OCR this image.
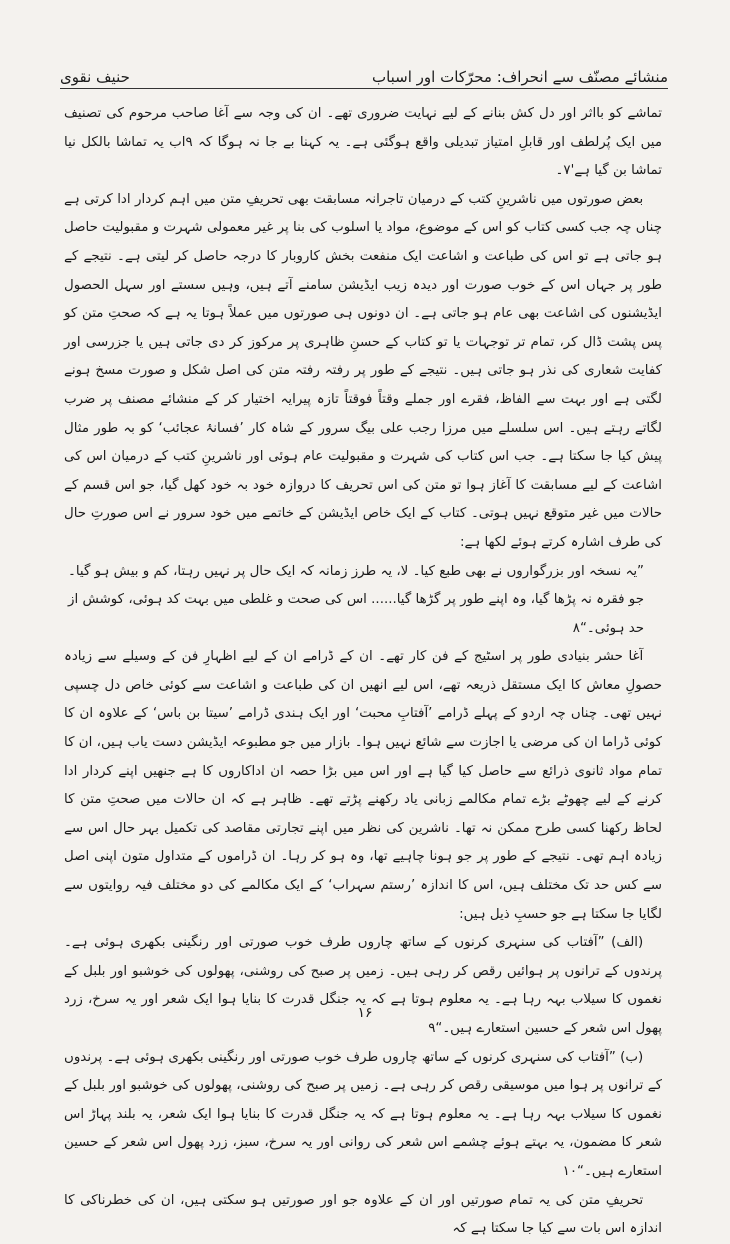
حنیف نقوی	منشائے مصنّف سے انحراف: محرّکات اور اسباب

تماشے کو بااثر اور دل کش بنانے کے لیے نہایت ضروری تھے۔ ان کی وجہ سے آغا صاحب مرحوم کی تصنیف میں ایک پُرلطف اور قابلِ امتیاز تبدیلی واقع ہوگئی ہے۔ یہ کہنا بے جا نہ ہوگا کہ ۹اب یہ تماشا بالکل نیا تماشا بن گیا ہے'۷۔

بعض صورتوں میں ناشرینِ کتب کے درمیان تاجرانہ مسابقت بھی تحریفِ متن میں اہم کردار ادا کرتی ہے چناں چہ جب کسی کتاب کو اس کے موضوع، مواد یا اسلوب کی بنا پر غیر معمولی شہرت و مقبولیت حاصل ہو جاتی ہے تو اس کی طباعت و اشاعت ایک منفعت بخش کاروبار کا درجہ حاصل کر لیتی ہے۔ نتیجے کے طور پر جہاں اس کے خوب صورت اور دیدہ زیب ایڈیشن سامنے آتے ہیں، وہیں سستے اور سہل الحصول ایڈیشنوں کی اشاعت بھی عام ہو جاتی ہے۔ ان دونوں ہی صورتوں میں عملاً ہوتا یہ ہے کہ صحتِ متن کو پس پشت ڈال کر، تمام تر توجہات یا تو کتاب کے حسنِ ظاہری پر مرکوز کر دی جاتی ہیں یا جزرسی اور کفایت شعاری کی نذر ہو جاتی ہیں۔ نتیجے کے طور پر رفتہ رفتہ متن کی اصل شکل و صورت مسخ ہونے لگتی ہے اور بہت سے الفاظ، فقرے اور جملے وقتاً فوقتاً تازہ پیرایہ اختیار کر کے منشائے مصنف پر ضرب لگاتے رہتے ہیں۔ اس سلسلے میں مرزا رجب علی بیگ سرور کے شاہ کار ’فسانۂ عجائب‘ کو بہ طور مثال پیش کیا جا سکتا ہے۔ جب اس کتاب کی شہرت و مقبولیت عام ہوئی اور ناشرینِ کتب کے درمیان اس کی اشاعت کے لیے مسابقت کا آغاز ہوا تو متن کی اس تحریف کا دروازہ خود بہ خود کھل گیا، جو اس قسم کے حالات میں غیر متوقع نہیں ہوتی۔ کتاب کے ایک خاص ایڈیشن کے خاتمے میں خود سرور نے اس صورتِ حال کی طرف اشارہ کرتے ہوئے لکھا ہے:

”یہ نسخہ اور بزرگواروں نے بھی طبع کیا۔ لا، یہ طرز زمانہ کہ ایک حال پر نہیں رہتا، کم و بیش ہو گیا۔ جو فقرہ نہ پڑھا گیا، وہ اپنے طور پر گڑھا گیا...... اس کی صحت و غلطی میں بہت کد ہوئی، کوشش از حد ہوئی۔“۸

آغا حشر بنیادی طور پر اسٹیج کے فن کار تھے۔ ان کے ڈرامے ان کے لیے اظہارِ فن کے وسیلے سے زیادہ حصولِ معاش کا ایک مستقل ذریعہ تھے، اس لیے انھیں ان کی طباعت و اشاعت سے کوئی خاص دل چسپی نہیں تھی۔ چناں چہ اردو کے پہلے ڈرامے ’آفتابِ محبت‘ اور ایک ہندی ڈرامے ’سیتا بن باس‘ کے علاوہ ان کا کوئی ڈراما ان کی مرضی یا اجازت سے شائع نہیں ہوا۔ بازار میں جو مطبوعہ ایڈیشن دست یاب ہیں، ان کا تمام مواد ثانوی ذرائع سے حاصل کیا گیا ہے اور اس میں بڑا حصہ ان اداکاروں کا ہے جنھیں اپنے کردار ادا کرنے کے لیے چھوٹے بڑے تمام مکالمے زبانی یاد رکھنے پڑتے تھے۔ ظاہر ہے کہ ان حالات میں صحتِ متن کا لحاظ رکھنا کسی طرح ممکن نہ تھا۔ ناشرین کی نظر میں اپنے تجارتی مقاصد کی تکمیل بہر حال اس سے زیادہ اہم تھی۔ نتیجے کے طور پر جو ہونا چاہیے تھا، وہ ہو کر رہا۔ ان ڈراموں کے متداول متون اپنی اصل سے کس حد تک مختلف ہیں، اس کا اندازہ ’رستم سہراب‘ کے ایک مکالمے کی دو مختلف فیہ روایتوں سے لگایا جا سکتا ہے جو حسبِ ذیل ہیں:

(الف) ”آفتاب کی سنہری کرنوں کے ساتھ چاروں طرف خوب صورتی اور رنگینی بکھری ہوئی ہے۔ پرندوں کے ترانوں پر ہوائیں رقص کر رہی ہیں۔ زمیں پر صبح کی روشنی، پھولوں کی خوشبو اور بلبل کے نغموں کا سیلاب بہہ رہا ہے۔ یہ معلوم ہوتا ہے کہ یہ جنگل قدرت کا بنایا ہوا ایک شعر اور یہ سرخ، زرد پھول اس شعر کے حسین استعارے ہیں۔“۹

(ب) ”آفتاب کی سنہری کرنوں کے ساتھ چاروں طرف خوب صورتی اور رنگینی بکھری ہوئی ہے۔ پرندوں کے ترانوں پر ہوا میں موسیقی رقص کر رہی ہے۔ زمیں پر صبح کی روشنی، پھولوں کی خوشبو اور بلبل کے نغموں کا سیلاب بہہ رہا ہے۔ یہ معلوم ہوتا ہے کہ یہ جنگل قدرت کا بنایا ہوا ایک شعر، یہ بلند پہاڑ اس شعر کا مضمون، یہ بہتے ہوئے چشمے اس شعر کی روانی اور یہ سرخ، سبز، زرد پھول اس شعر کے حسین استعارے ہیں۔“۱۰

تحریفِ متن کی یہ تمام صورتیں اور ان کے علاوہ جو اور صورتیں ہو سکتی ہیں، ان کی خطرناکی کا اندازہ اس بات سے کیا جا سکتا ہے کہ

۱۶
